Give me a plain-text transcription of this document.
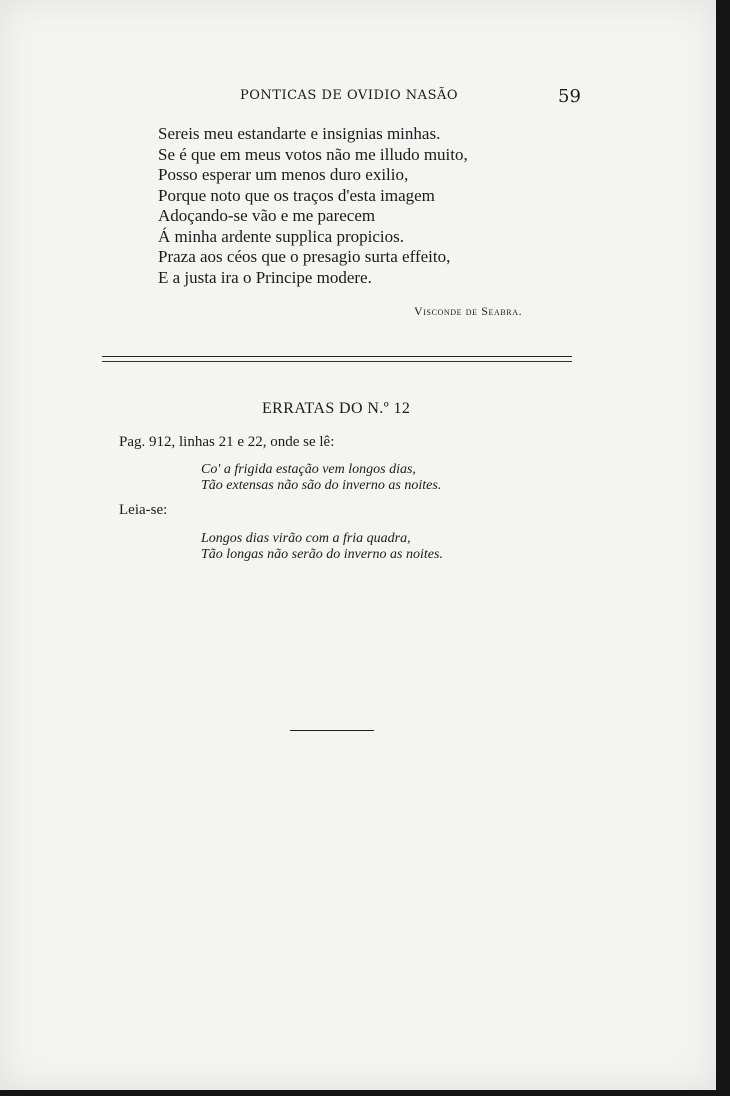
PONTICAS DE OVIDIO NASÃO	59
Sereis meu estandarte e insignias minhas.
Se é que em meus votos não me illudo muito,
Posso esperar um menos duro exilio,
Porque noto que os traços d'esta imagem
Adoçando-se vão e me parecem
Á minha ardente supplica propicios.
Praza aos céos que o presagio surta effeito,
E a justa ira o Principe modere.
Visconde de Seabra.
ERRATAS DO N.º 12
Pag. 912, linhas 21 e 22, onde se lê:
Co' a frigida estação vem longos dias,
Tão extensas não são do inverno as noites.
Leia-se:
Longos dias virão com a fria quadra,
Tão longas não serão do inverno as noites.
